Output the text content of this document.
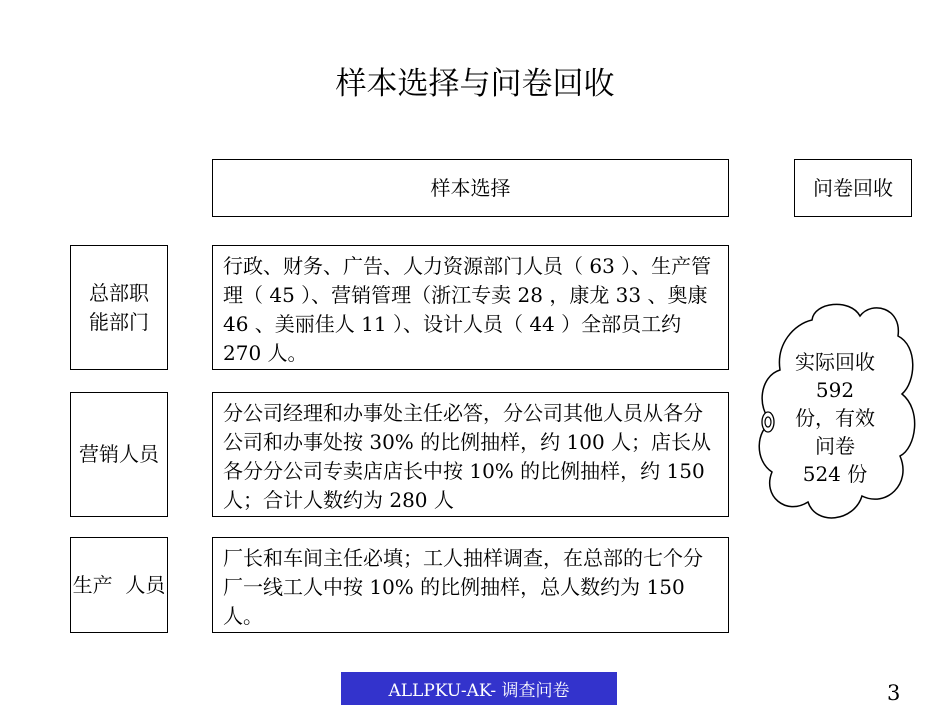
样本选择与问卷回收
样本选择	问卷回收
总部职能部门
行政、财务、广告、人力资源部门人员（ 63 ）、生产管理（ 45 ）、营销管理（浙江专卖 28 ，康龙 33 、奥康 46 、美丽佳人 11 ）、设计人员（ 44 ）全部员工约 270 人。
营销人员
分公司经理和办事处主任必答，分公司其他人员从各分公司和办事处按 30% 的比例抽样，约 100 人；店长从各分分公司专卖店店长中按 10% 的比例抽样，约 150 人；合计人数约为 280 人
生产  人员
厂长和车间主任必填；工人抽样调查，在总部的七个分厂一线工人中按 10% 的比例抽样，总人数约为 150 人。
实际回收 592 份，有效问卷 524 份
ALLPKU-AK- 调查问卷	3
